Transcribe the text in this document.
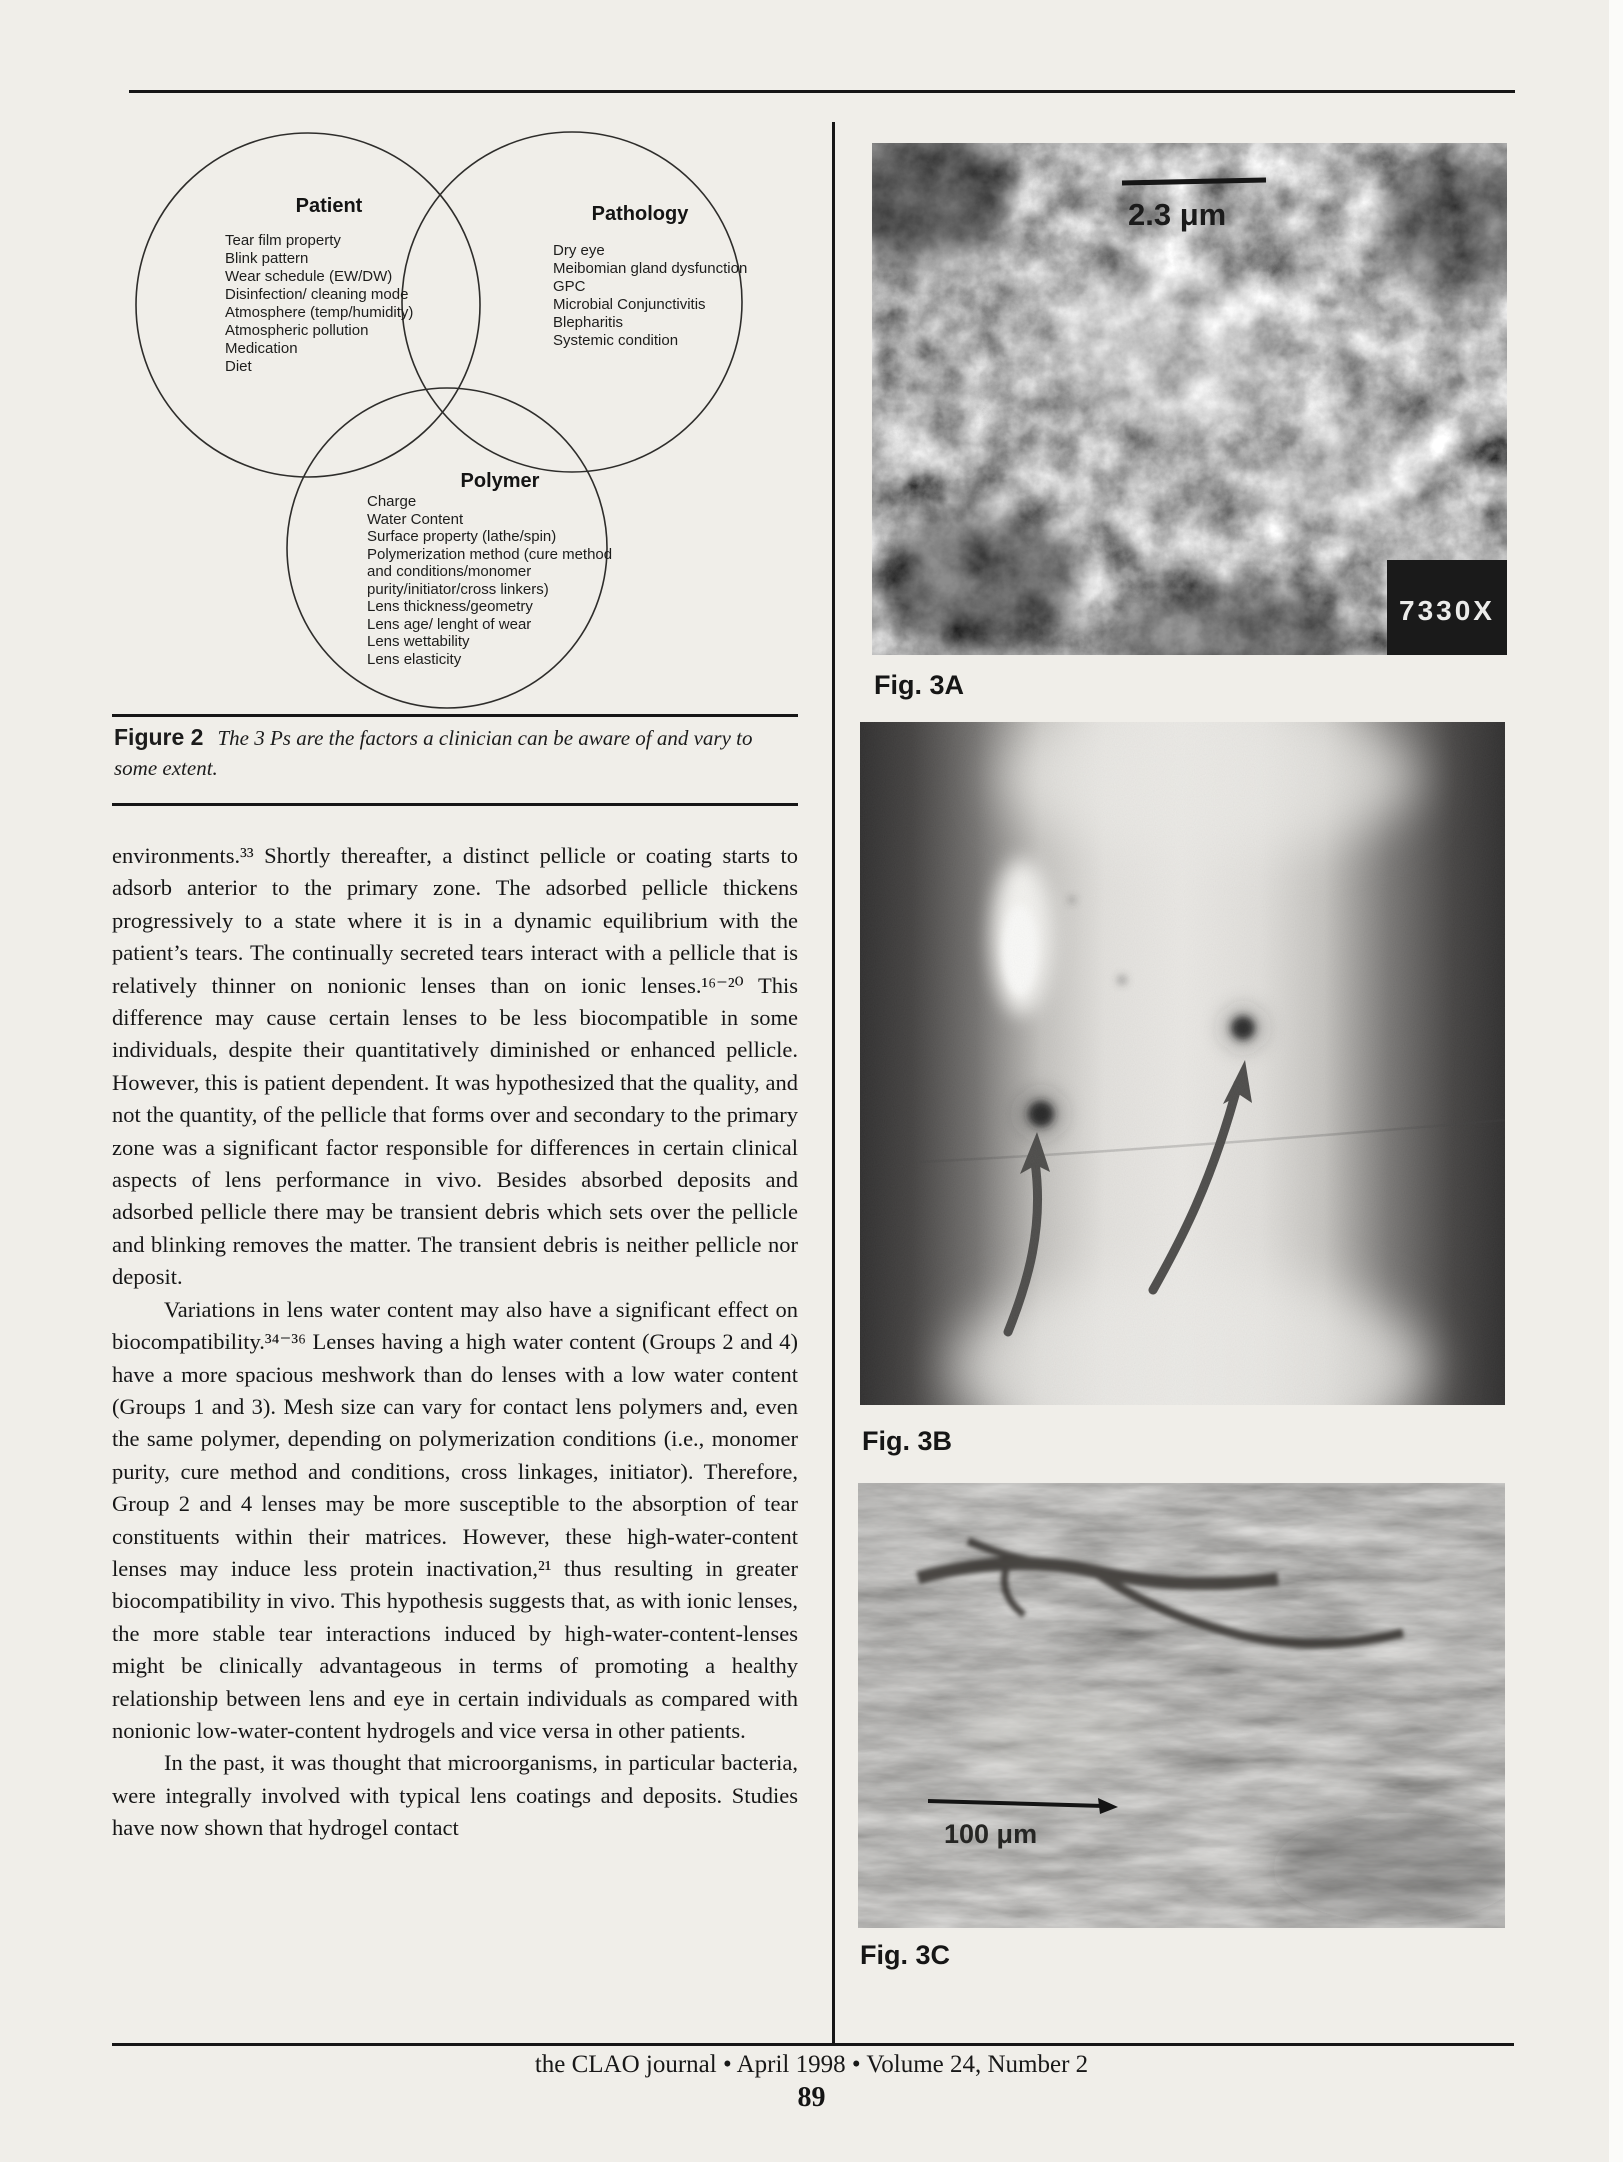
Patient
Tear film property
Blink pattern
Wear schedule (EW/DW)
Disinfection/ cleaning mode
Atmosphere (temp/humidity)
Atmospheric pollution
Medication
Diet
Pathology
Dry eye
Meibomian gland dysfunction
GPC
Microbial Conjunctivitis
Blepharitis
Systemic condition
Polymer
Charge
Water Content
Surface property (lathe/spin)
Polymerization method (cure method
and conditions/monomer
purity/initiator/cross linkers)
Lens thickness/geometry
Lens age/ lenght of wear
Lens wettability
Lens elasticity
Figure 2 The 3 Ps are the factors a clinician can be aware of and vary to some extent.

environments.³³ Shortly thereafter, a distinct pellicle or coating starts to adsorb anterior to the primary zone. The adsorbed pellicle thickens progressively to a state where it is in a dynamic equilibrium with the patient’s tears. The continually secreted tears interact with a pellicle that is relatively thinner on nonionic lenses than on ionic lenses.¹⁶⁻²⁰ This difference may cause certain lenses to be less biocompatible in some individuals, despite their quantitatively diminished or enhanced pellicle. However, this is patient dependent. It was hypothesized that the quality, and not the quantity, of the pellicle that forms over and secondary to the primary zone was a significant factor responsible for differences in certain clinical aspects of lens performance in vivo. Besides absorbed deposits and adsorbed pellicle there may be transient debris which sets over the pellicle and blinking removes the matter. The transient debris is neither pellicle nor deposit.

Variations in lens water content may also have a significant effect on biocompatibility.³⁴⁻³⁶ Lenses having a high water content (Groups 2 and 4) have a more spacious meshwork than do lenses with a low water content (Groups 1 and 3). Mesh size can vary for contact lens polymers and, even the same polymer, depending on polymerization conditions (i.e., monomer purity, cure method and conditions, cross linkages, initiator). Therefore, Group 2 and 4 lenses may be more susceptible to the absorption of tear constituents within their matrices. However, these high-water-content lenses may induce less protein inactivation,²¹ thus resulting in greater biocompatibility in vivo. This hypothesis suggests that, as with ionic lenses, the more stable tear interactions induced by high-water-content-lenses might be clinically advantageous in terms of promoting a healthy relationship between lens and eye in certain individuals as compared with nonionic low-water-content hydrogels and vice versa in other patients.

In the past, it was thought that microorganisms, in particular bacteria, were integrally involved with typical lens coatings and deposits. Studies have now shown that hydrogel contact

2.3 μm
7330X
Fig. 3A
Fig. 3B
100 μm
Fig. 3C
the CLAO journal • April 1998 • Volume 24, Number 2
89
